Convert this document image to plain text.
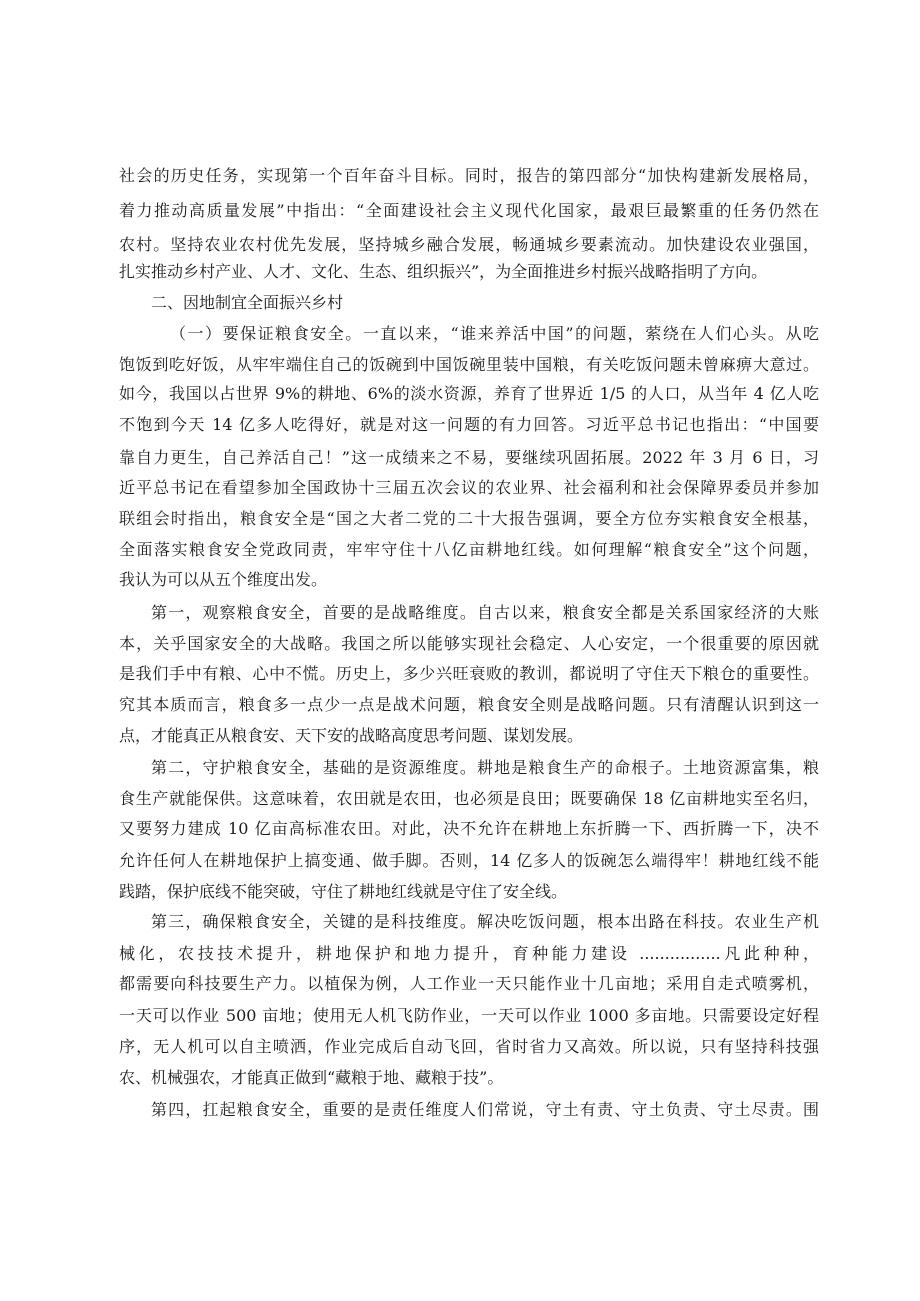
社会的历史任务，实现第一个百年奋斗目标。同时，报告的第四部分“加快构建新发展格局，
着力推动高质量发展”中指出：“全面建设社会主义现代化国家，最艰巨最繁重的任务仍然在
农村。坚持农业农村优先发展，坚持城乡融合发展，畅通城乡要素流动。加快建设农业强国，
扎实推动乡村产业、人才、文化、生态、组织振兴”，为全面推进乡村振兴战略指明了方向。
二、因地制宜全面振兴乡村
（一）要保证粮食安全。一直以来，“谁来养活中国”的问题，萦绕在人们心头。从吃
饱饭到吃好饭，从牢牢端住自己的饭碗到中国饭碗里装中国粮，有关吃饭问题未曾麻痹大意过。
如今，我国以占世界 9%的耕地、6%的淡水资源，养育了世界近 1/5 的人口，从当年 4 亿人吃
不饱到今天 14 亿多人吃得好，就是对这一问题的有力回答。习近平总书记也指出：“中国要
靠自力更生，自己养活自己！”这一成绩来之不易，要继续巩固拓展。2022 年 3 月 6 日，习
近平总书记在看望参加全国政协十三届五次会议的农业界、社会福利和社会保障界委员并参加
联组会时指出，粮食安全是“国之大者二党的二十大报告强调，要全方位夯实粮食安全根基，
全面落实粮食安全党政同责，牢牢守住十八亿亩耕地红线。如何理解“粮食安全”这个问题，
我认为可以从五个维度出发。
第一，观察粮食安全，首要的是战略维度。自古以来，粮食安全都是关系国家经济的大账
本，关乎国家安全的大战略。我国之所以能够实现社会稳定、人心安定，一个很重要的原因就
是我们手中有粮、心中不慌。历史上，多少兴旺衰败的教训，都说明了守住天下粮仓的重要性。
究其本质而言，粮食多一点少一点是战术问题，粮食安全则是战略问题。只有清醒认识到这一
点，才能真正从粮食安、天下安的战略高度思考问题、谋划发展。
第二，守护粮食安全，基础的是资源维度。耕地是粮食生产的命根子。土地资源富集，粮
食生产就能保供。这意味着，农田就是农田，也必须是良田；既要确保 18 亿亩耕地实至名归，
又要努力建成 10 亿亩高标准农田。对此，决不允许在耕地上东折腾一下、西折腾一下，决不
允许任何人在耕地保护上搞变通、做手脚。否则，14 亿多人的饭碗怎么端得牢！耕地红线不能
践踏，保护底线不能突破，守住了耕地红线就是守住了安全线。
第三，确保粮食安全，关键的是科技维度。解决吃饭问题，根本出路在科技。农业生产机
械化，农技技术提升，耕地保护和地力提升，育种能力建设 ................凡此种种，
都需要向科技要生产力。以植保为例，人工作业一天只能作业十几亩地；采用自走式喷雾机，
一天可以作业 500 亩地；使用无人机飞防作业，一天可以作业 1000 多亩地。只需要设定好程
序，无人机可以自主喷洒，作业完成后自动飞回，省时省力又高效。所以说，只有坚持科技强
农、机械强农，才能真正做到“藏粮于地、藏粮于技”。
第四，扛起粮食安全，重要的是责任维度人们常说，守土有责、守土负责、守土尽责。围
